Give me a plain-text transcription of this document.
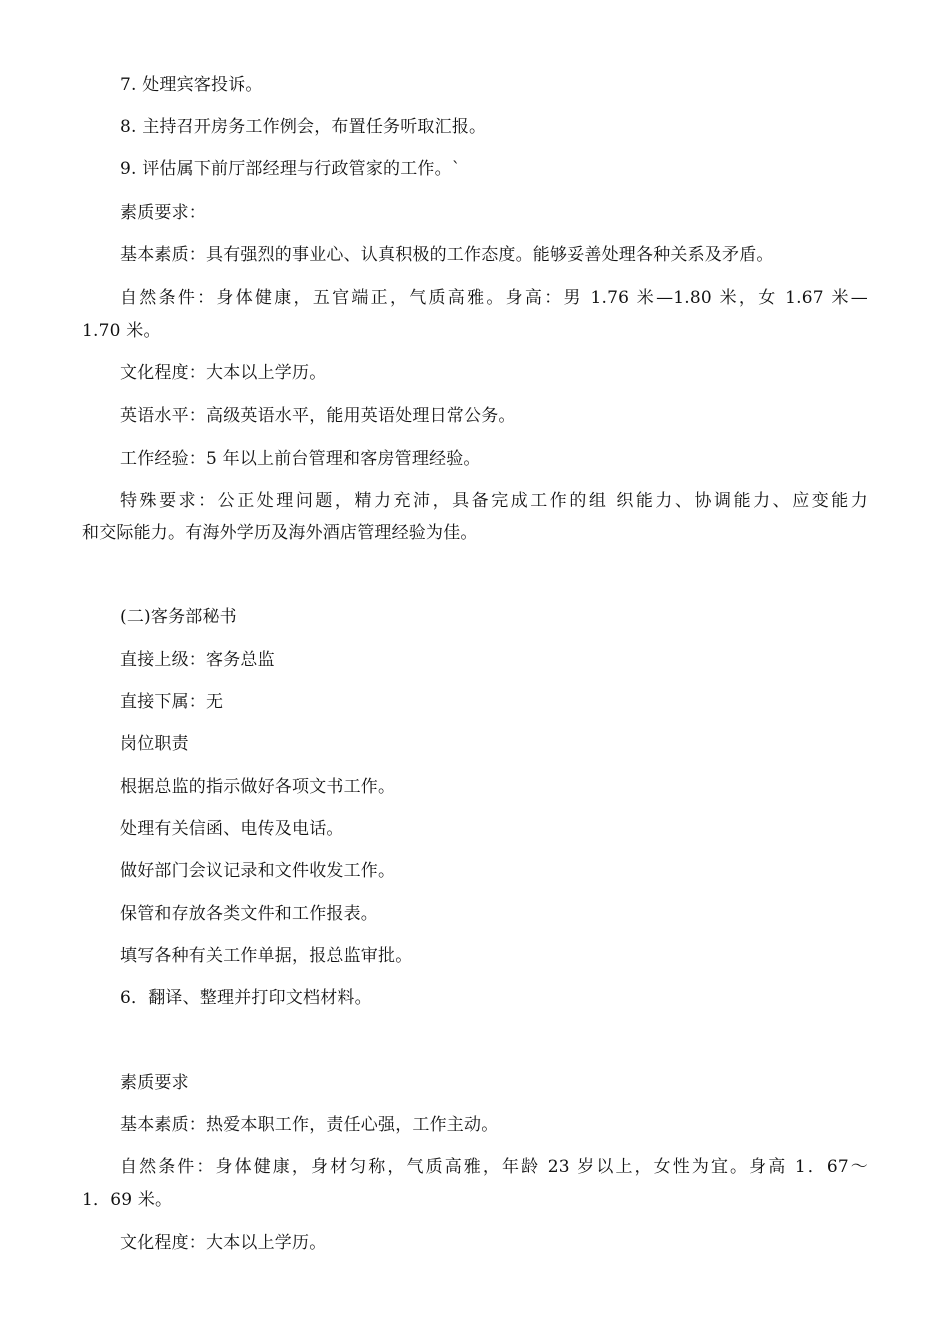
7. 处理宾客投诉。
8. 主持召开房务工作例会，布置任务听取汇报。
9. 评估属下前厅部经理与行政管家的工作。`
素质要求：
基本素质：具有强烈的事业心、认真积极的工作态度。能够妥善处理各种关系及矛盾。
自然条件：身体健康，五官端正，气质高雅。身高：男 1.76 米—1.80 米，女 1.67 米—
1.70 米。
文化程度：大本以上学历。
英语水平：高级英语水平，能用英语处理日常公务。
工作经验：5 年以上前台管理和客房管理经验。
特殊要求：公正处理问题，精力充沛，具备完成工作的组 织能力、协调能力、应变能力
和交际能力。有海外学历及海外酒店管理经验为佳。
(二)客务部秘书
直接上级：客务总监
直接下属：无
岗位职责
根据总监的指示做好各项文书工作。
处理有关信函、电传及电话。
做好部门会议记录和文件收发工作。
保管和存放各类文件和工作报表。
填写各种有关工作单据，报总监审批。
6．翻译、整理并打印文档材料。
素质要求
基本素质：热爱本职工作，责任心强，工作主动。
自然条件：身体健康，身材匀称，气质高雅，年龄 23 岁以上，女性为宜。身高 1．67～
1．69 米。
文化程度：大本以上学历。
